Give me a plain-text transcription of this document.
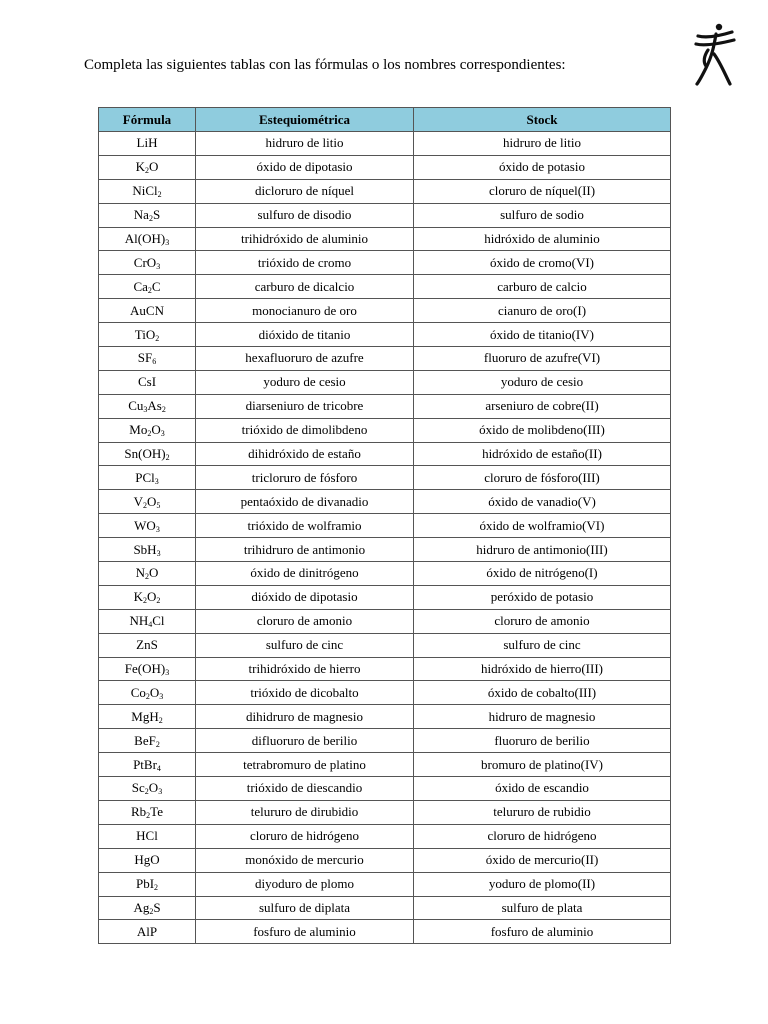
Completa las siguientes tablas con las fórmulas o los nombres correspondientes:
Fórmula	Estequiométrica	Stock
LiH	hidruro de litio	hidruro de litio
$K_2O$	óxido de dipotasio	óxido de potasio
NiCl$_2$	dicloruro de níquel	cloruro de níquel(II)
$Na_2S$	sulfuro de disodio	sulfuro de sodio
$Al(OH)_3$	trihidróxido de aluminio	hidróxido de aluminio
CrO$_3$	trióxido de cromo	óxido de cromo(VI)
$Ca_2C$	carburo de dicalcio	carburo de calcio
AuCN	monocianuro de oro	cianuro de oro(I)
TiO$_2$	dióxido de titanio	óxido de titanio(IV)
$SF_6$	hexafluoruro de azufre	fluoruro de azufre(VI)
CsI	yoduro de cesio	yoduro de cesio
$Cu_3As_2$	diarseniuro de tricobre	arseniuro de cobre(II)
$Mo_2O_3$	trióxido de dimolibdeno	óxido de molibdeno(III)
$Sn(OH)_2$	dihidróxido de estaño	hidróxido de estaño(II)
PCl$_3$	tricloruro de fósforo	cloruro de fósforo(III)
$V_2O_5$	pentaóxido de divanadio	óxido de vanadio(V)
$WO_3$	trióxido de wolframio	óxido de wolframio(VI)
SbH$_3$	trihidruro de antimonio	hidruro de antimonio(III)
$N_2O$	óxido de dinitrógeno	óxido de nitrógeno(I)
$K_2O_2$	dióxido de dipotasio	peróxido de potasio
$NH_4Cl$	cloruro de amonio	cloruro de amonio
ZnS	sulfuro de cinc	sulfuro de cinc
$Fe(OH)_3$	trihidróxido de hierro	hidróxido de hierro(III)
$Co_2O_3$	trióxido de dicobalto	óxido de cobalto(III)
MgH$_2$	dihidruro de magnesio	hidruro de magnesio
BeF$_2$	difluoruro de berilio	fluoruro de berilio
PtBr$_4$	tetrabromuro de platino	bromuro de platino(IV)
$Sc_2O_3$	trióxido de diescandio	óxido de escandio
$Rb_2Te$	telururo de dirubidio	telururo de rubidio
HCl	cloruro de hidrógeno	cloruro de hidrógeno
HgO	monóxido de mercurio	óxido de mercurio(II)
PbI$_2$	diyoduro de plomo	yoduro de plomo(II)
$Ag_2S$	sulfuro de diplata	sulfuro de plata
AlP	fosfuro de aluminio	fosfuro de aluminio
